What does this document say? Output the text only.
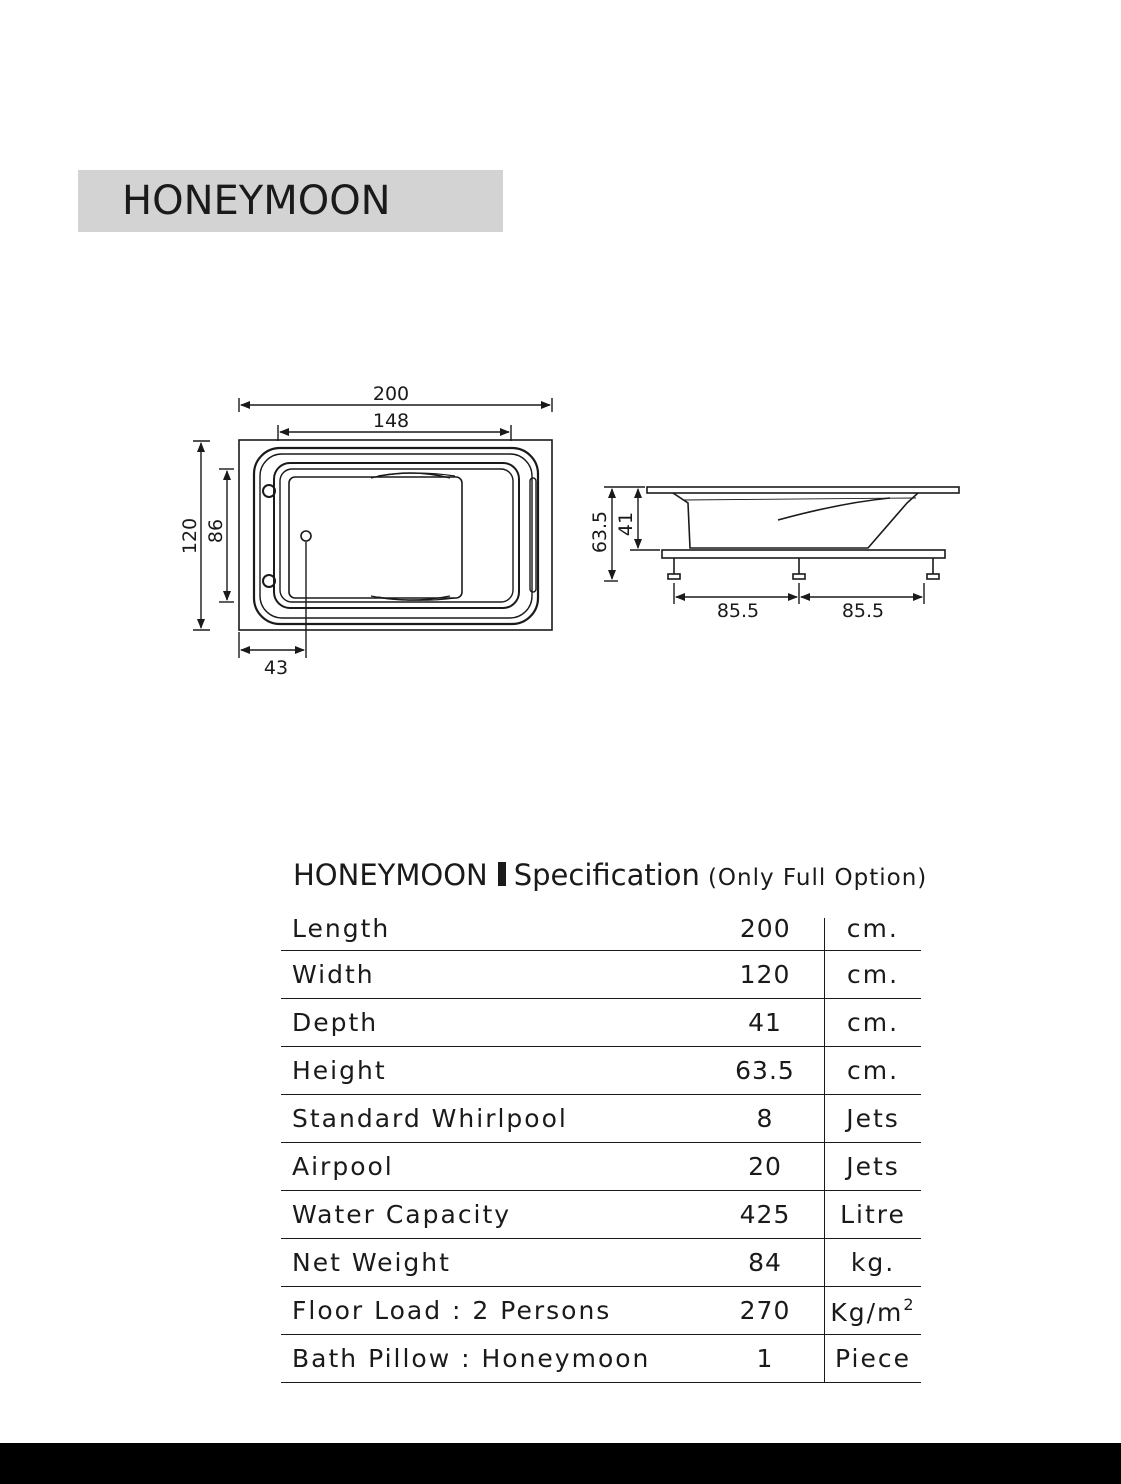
HONEYMOON
200
148
120 86
43
63.5 41
85.5	85.5
HONEYMOON Specification (Only Full Option)
Length	200	cm.
Width	120	cm.
Depth	41	cm.
Height	63.5	cm.
Standard Whirlpool	8	Jets
Airpool	20	Jets
Water Capacity	425	Litre
Net Weight	84	kg.
Floor Load : 2 Persons	270	$Kg/m^2$
Bath Pillow : Honeymoon	1	Piece
